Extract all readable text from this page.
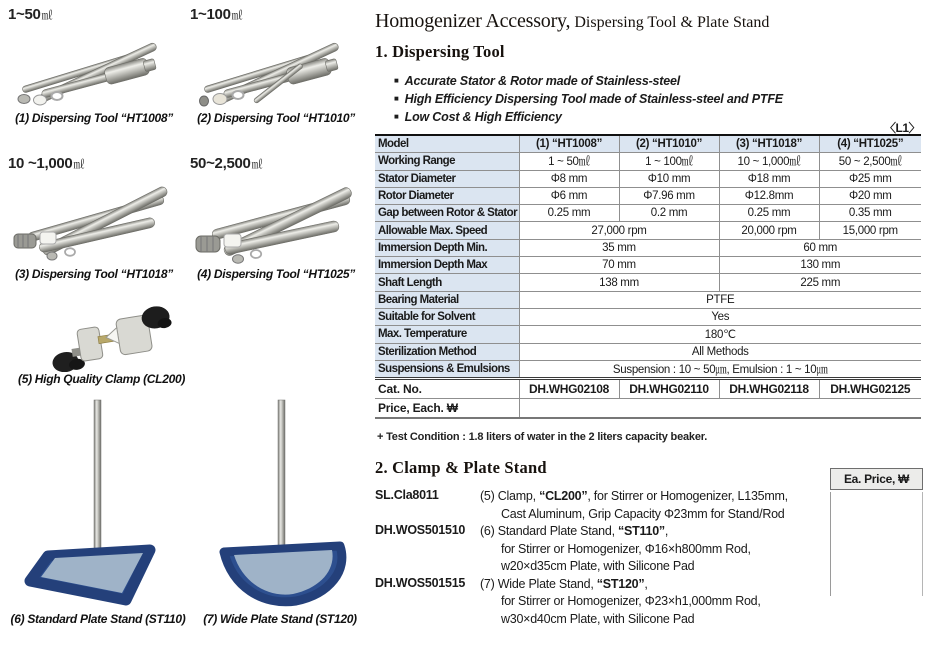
1~50㎖
(1) Dispersing Tool “HT1008”
1~100㎖
(2) Dispersing Tool “HT1010”
10 ~1,000㎖
(3) Dispersing Tool “HT1018”
50~2,500㎖
(4) Dispersing Tool “HT1025”
(5) High Quality Clamp (CL200)
(6) Standard Plate Stand (ST110)	(7) Wide Plate Stand (ST120)
Homogenizer Accessory, Dispersing Tool & Plate Stand
1. Dispersing Tool
■ Accurate Stator & Rotor made of Stainless-steel
■ High Efficiency Dispersing Tool made of Stainless-steel and PTFE
■ Low Cost & High Efficiency
〈L1〉
Model	(1) “HT1008”	(2) “HT1010”	(3) “HT1018”	(4) “HT1025”
Working Range	1 ~ 50㎖	1 ~ 100㎖	10 ~ 1,000㎖	50 ~ 2,500㎖
Stator Diameter	Φ8 mm	Φ10 mm	Φ18 mm	Φ25 mm
Rotor Diameter	Φ6 mm	Φ7.96 mm	Φ12.8mm	Φ20 mm
Gap between Rotor & Stator	0.25 mm	0.2 mm	0.25 mm	0.35 mm
Allowable Max. Speed	27,000 rpm		20,000 rpm	15,000 rpm
Immersion Depth Min.	35 mm		60 mm	
Immersion Depth Max	70 mm		130 mm	
Shaft Length	138 mm		225 mm	
Bearing Material	PTFE			
Suitable for Solvent	Yes			
Max. Temperature	180℃			
Sterilization Method	All Methods			
Suspensions & Emulsions	Suspension : 10 ~ 50㎛, Emulsion : 1 ~ 10㎛			
Cat. No.	DH.WHG02108	DH.WHG02110	DH.WHG02118	DH.WHG02125
Price, Each. ₩				
+ Test Condition : 1.8 liters of water in the 2 liters capacity beaker.
2. Clamp & Plate Stand
Ea. Price, ₩
SL.Cla8011	(5) Clamp, “CL200”, for Stirrer or Homogenizer, L135mm,
Cast Aluminum, Grip Capacity Φ23mm for Stand/Rod
DH.WOS501510 (6) Standard Plate Stand, “ST110”,
for Stirrer or Homogenizer, Φ16×h800mm Rod,
w20×d35cm Plate, with Silicone Pad
DH.WOS501515 (7) Wide Plate Stand, “ST120”,
for Stirrer or Homogenizer, Φ23×h1,000mm Rod,
w30×d40cm Plate, with Silicone Pad
